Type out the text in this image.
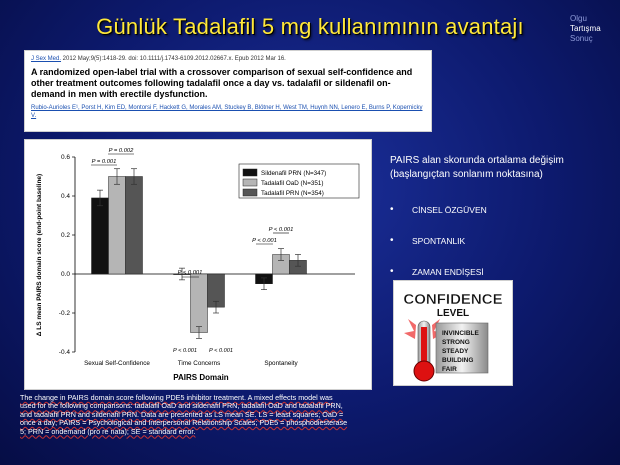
Günlük Tadalafil 5 mg kullanımının avantajı	Olgu
Tartışma
Sonuç
J Sex Med. 2012 May;9(5):1418-29. doi: 10.1111/j.1743-6109.2012.02667.x. Epub 2012 Mar 16.
A randomized open-label trial with a crossover comparison of sexual self-confidence and other treatment outcomes following tadalafil once a day vs. tadalafil or sildenafil on-demand in men with erectile dysfunction.
Rubio-Aurioles E¹, Porst H, Kim ED, Montorsi F, Hackett G, Morales AM, Stuckey B, Blötner H, West TM, Huynh NN, Lenero E, Burns P, Kopernicky V.
0.6
0.4
0.2
0.0
-0.2
-0.4
Δ LS mean PAIRS domain score (end-point baseline)
Sexual Self-Confidence	Time Concerns	Spontaneity
PAIRS Domain
P = 0.002
P = 0.001
P < 0.001
P < 0.001
P < 0.001
P < 0.001 P < 0.001
Sildenafil PRN (N=347)
Tadalafil OaD (N=351)
Tadalafil PRN (N=354)
The change in PAIRS domain score following PDE5 inhibitor treatment. A mixed effects model was used for the following comparisons: tadalafil OaD and sildenafil PRN, tadalafil OaD and tadalafil PRN, and tadalafil PRN and sildenafil PRN. Data are presented as LS mean SE. LS = least squares; OaD = once a day; PAIRS = Psychological and Interpersonal Relationship Scales; PDE5 = phosphodiesterase 5; PRN = ondemand (pro re nata); SE = standard error.
PAIRS alan skorunda ortalama değişim (başlangıçtan sonlanım noktasına)
•	CİNSEL ÖZGÜVEN
•	SPONTANLIK
•	ZAMAN ENDİŞESİ
CONFIDENCE
LEVEL
INVINCIBLE
STRONG
STEADY
BUILDING
FAIR
